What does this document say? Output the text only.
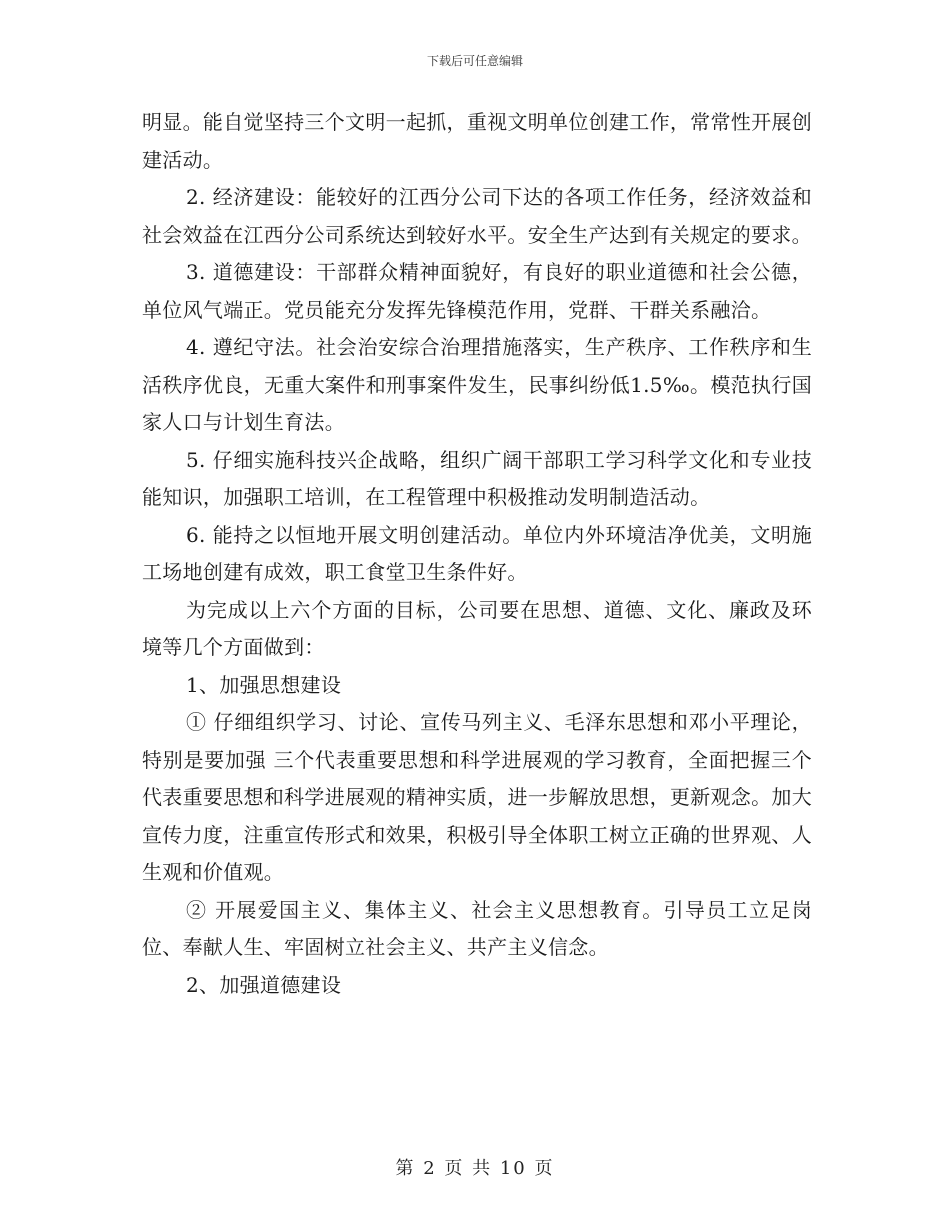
下载后可任意编辑

明显。能自觉坚持三个文明一起抓，重视文明单位创建工作，常常性开展创建活动。

2. 经济建设：能较好的江西分公司下达的各项工作任务，经济效益和社会效益在江西分公司系统达到较好水平。安全生产达到有关规定的要求。

3. 道德建设：干部群众精神面貌好，有良好的职业道德和社会公德，单位风气端正。党员能充分发挥先锋模范作用，党群、干群关系融洽。

4. 遵纪守法。社会治安综合治理措施落实，生产秩序、工作秩序和生活秩序优良，无重大案件和刑事案件发生，民事纠纷低1.5‰。模范执行国家人口与计划生育法。

5. 仔细实施科技兴企战略，组织广阔干部职工学习科学文化和专业技能知识，加强职工培训，在工程管理中积极推动发明制造活动。

6. 能持之以恒地开展文明创建活动。单位内外环境洁净优美，文明施工场地创建有成效，职工食堂卫生条件好。

为完成以上六个方面的目标，公司要在思想、道德、文化、廉政及环境等几个方面做到：

1、加强思想建设

① 仔细组织学习、讨论、宣传马列主义、毛泽东思想和邓小平理论，特别是要加强 三个代表重要思想和科学进展观的学习教育，全面把握三个代表重要思想和科学进展观的精神实质，进一步解放思想，更新观念。加大宣传力度，注重宣传形式和效果，积极引导全体职工树立正确的世界观、人生观和价值观。

② 开展爱国主义、集体主义、社会主义思想教育。引导员工立足岗位、奉献人生、牢固树立社会主义、共产主义信念。

2、加强道德建设

第 2 页 共 10 页
